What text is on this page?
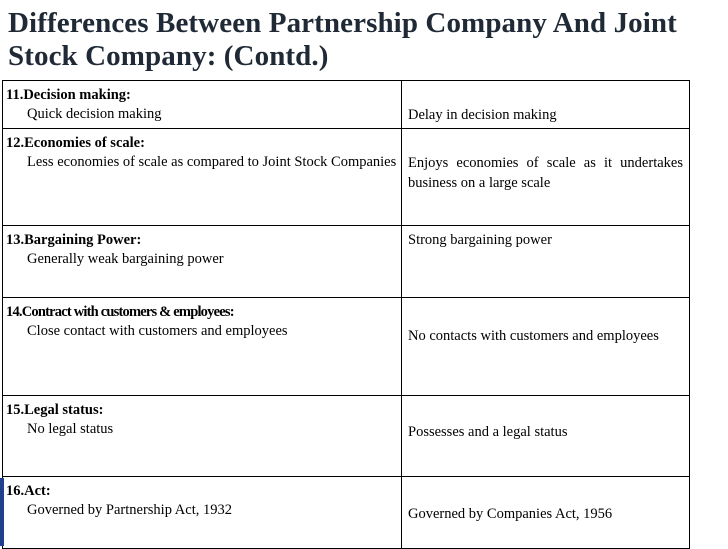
Differences Between Partnership Company And Joint
Stock Company: (Contd.)
11.Decision making:
Quick decision making	Delay in decision making

12.Economies of scale:
Less economies of scale as compared to Joint Stock Companies	Enjoys economies of scale as it undertakes business on a large scale

13.Bargaining Power:
Generally weak bargaining power	Strong bargaining power

14.Contract with customers & employees:
Close contact with customers and employees	No contacts with customers and employees

15.Legal status:
No legal status	Possesses and a legal status

16.Act:
Governed by Partnership Act, 1932	Governed by Companies Act, 1956
